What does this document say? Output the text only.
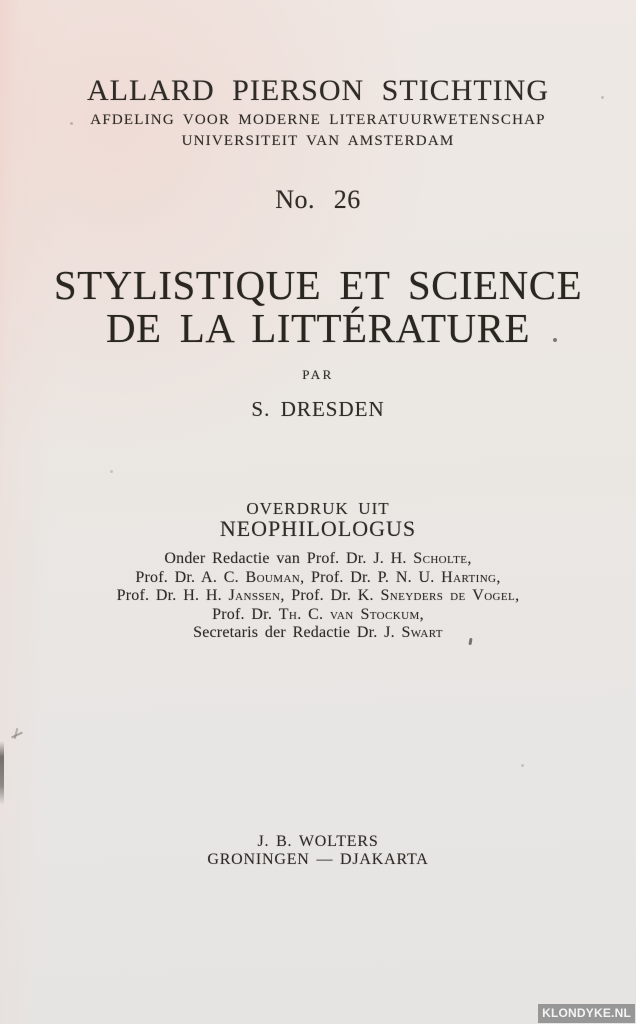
ALLARD PIERSON STICHTING
AFDELING VOOR MODERNE LITERATUURWETENSCHAP
UNIVERSITEIT VAN AMSTERDAM
No. 26
STYLISTIQUE ET SCIENCE
DE LA LITTÉRATURE
PAR
S. DRESDEN
OVERDRUK UIT
NEOPHILOLOGUS
Onder Redactie van Prof. Dr. J. H. Scholte,
Prof. Dr. A. C. Bouman, Prof. Dr. P. N. U. Harting,
Prof. Dr. H. H. Janssen, Prof. Dr. K. Sneyders de Vogel,
Prof. Dr. Th. C. van Stockum,
Secretaris der Redactie Dr. J. Swart
J. B. WOLTERS
GRONINGEN — DJAKARTA
KLONDYKE.NL
